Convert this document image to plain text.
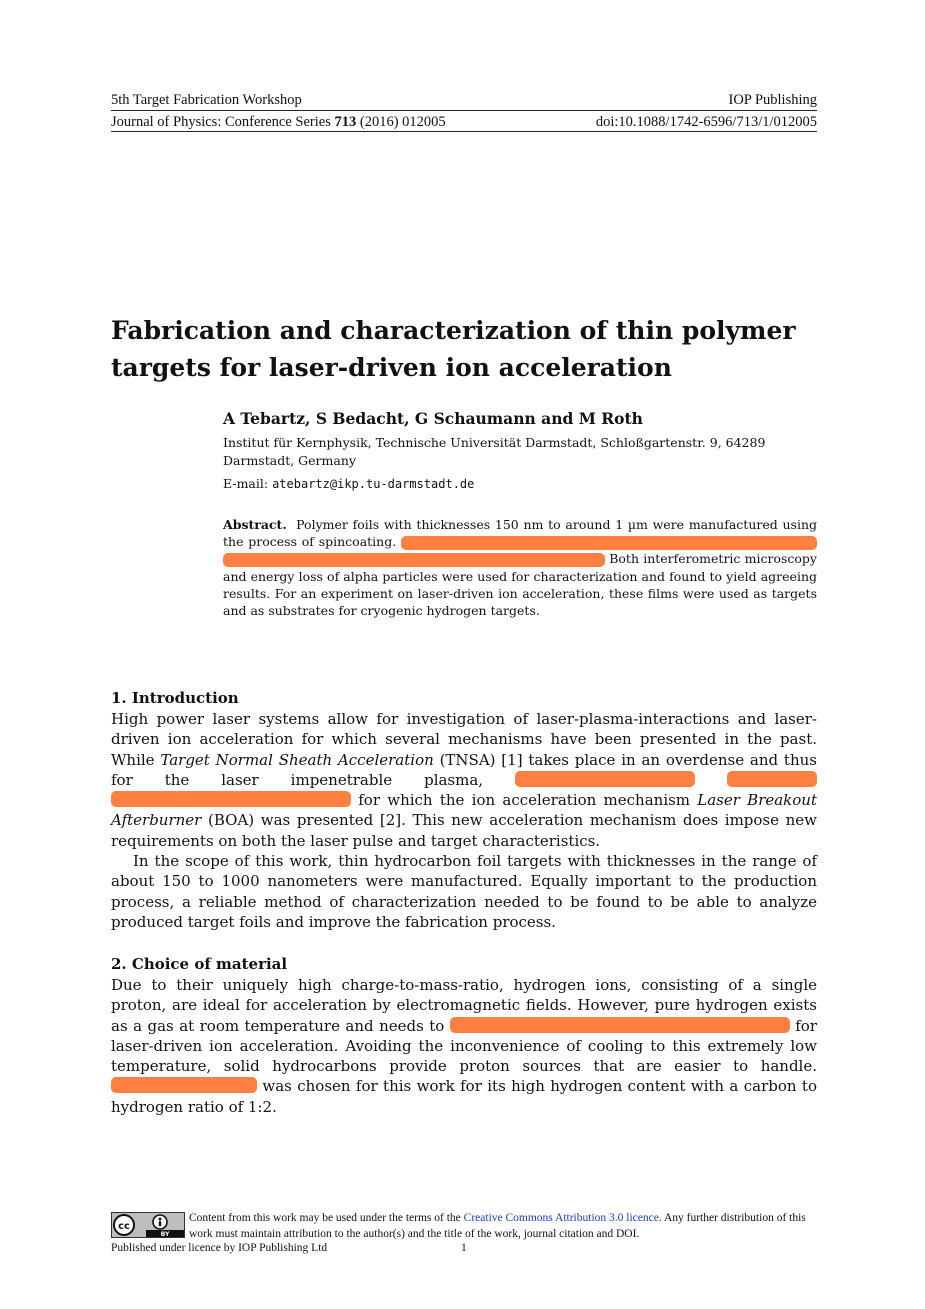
5th Target Fabrication Workshop	IOP Publishing
Journal of Physics: Conference Series 713 (2016) 012005	doi:10.1088/1742-6596/713/1/012005
Fabrication and characterization of thin polymer targets for laser-driven ion acceleration
A Tebartz, S Bedacht, G Schaumann and M Roth
Institut für Kernphysik, Technische Universität Darmstadt, Schloßgartenstr. 9, 64289 Darmstadt, Germany
E-mail: atebartz@ikp.tu-darmstadt.de
Abstract. Polymer foils with thicknesses 150 nm to around 1 µm were manufactured using the process of spincoating.   Both interferometric microscopy and energy loss of alpha particles were used for characterization and found to yield agreeing results. For an experiment on laser-driven ion acceleration, these films were used as targets and as substrates for cryogenic hydrogen targets.
1. Introduction

High power laser systems allow for investigation of laser-plasma-interactions and laser-driven ion acceleration for which several mechanisms have been presented in the past. While Target Normal Sheath Acceleration (TNSA) [1] takes place in an overdense and thus for the laser impenetrable plasma,    for which the ion acceleration mechanism Laser Breakout Afterburner (BOA) was presented [2]. This new acceleration mechanism does impose new requirements on both the laser pulse and target characteristics.

In the scope of this work, thin hydrocarbon foil targets with thicknesses in the range of about 150 to 1000 nanometers were manufactured. Equally important to the production process, a reliable method of characterization needed to be found to be able to analyze produced target foils and improve the fabrication process.

2. Choice of material

Due to their uniquely high charge-to-mass-ratio, hydrogen ions, consisting of a single proton, are ideal for acceleration by electromagnetic fields. However, pure hydrogen exists as a gas at room temperature and needs to	for laser-driven ion acceleration. Avoiding the inconvenience of cooling to this extremely low temperature, solid hydrocarbons provide proton sources that are easier to handle.  was chosen for this work for its high hydrogen content with a carbon to hydrogen ratio of 1:2.

cc
BY
Content from this work may be used under the terms of the Creative Commons Attribution 3.0 licence. Any further distribution of this work must maintain attribution to the author(s) and the title of the work, journal citation and DOI.
Published under licence by IOP Publishing Ltd	1
